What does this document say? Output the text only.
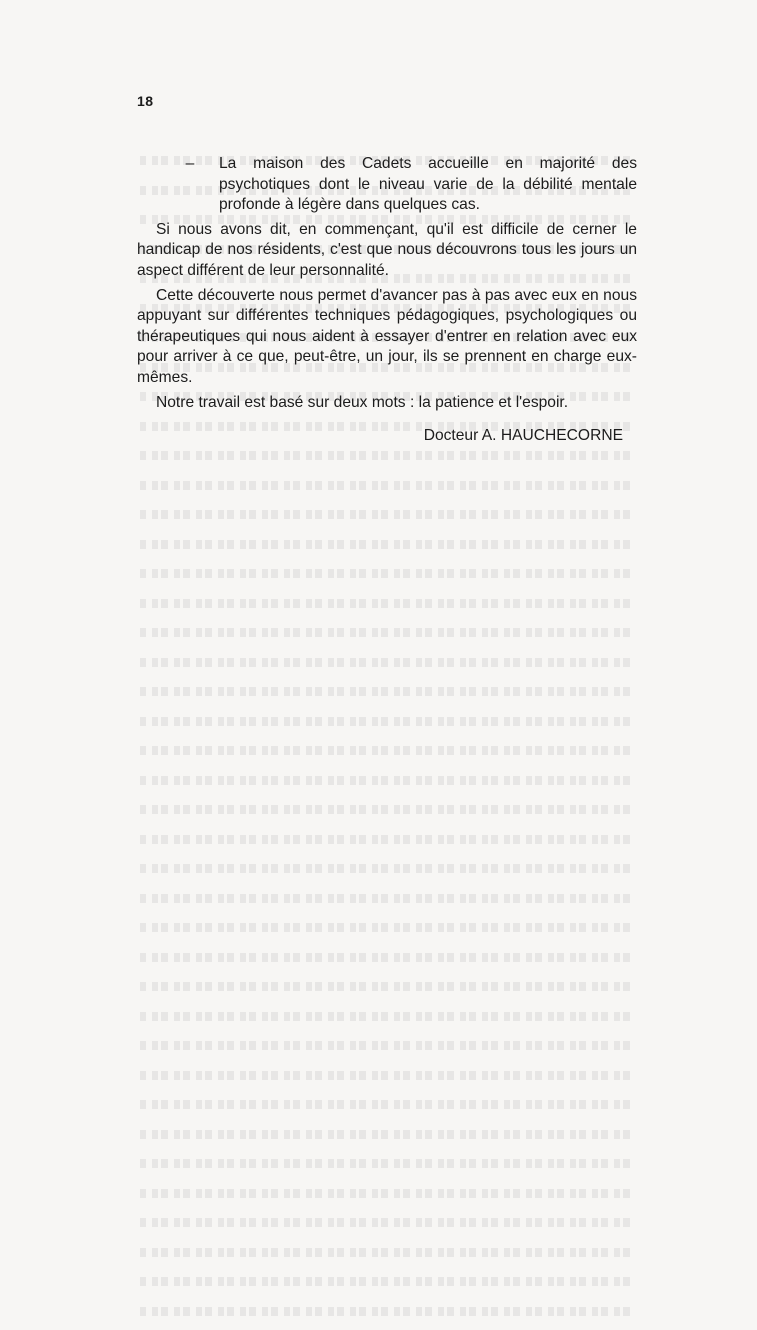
18
–	La maison des Cadets accueille en majorité des psychotiques dont le niveau varie de la débilité mentale profonde à légère dans quelques cas.

Si nous avons dit, en commençant, qu'il est difficile de cerner le handicap de nos résidents, c'est que nous découvrons tous les jours un aspect différent de leur personnalité.

Cette découverte nous permet d'avancer pas à pas avec eux en nous appuyant sur différentes techniques pédagogiques, psychologiques ou thérapeutiques qui nous aident à essayer d'entrer en relation avec eux pour arriver à ce que, peut-être, un jour, ils se prennent en charge eux-mêmes.

Notre travail est basé sur deux mots : la patience et l'espoir.

Docteur A. HAUCHECORNE
